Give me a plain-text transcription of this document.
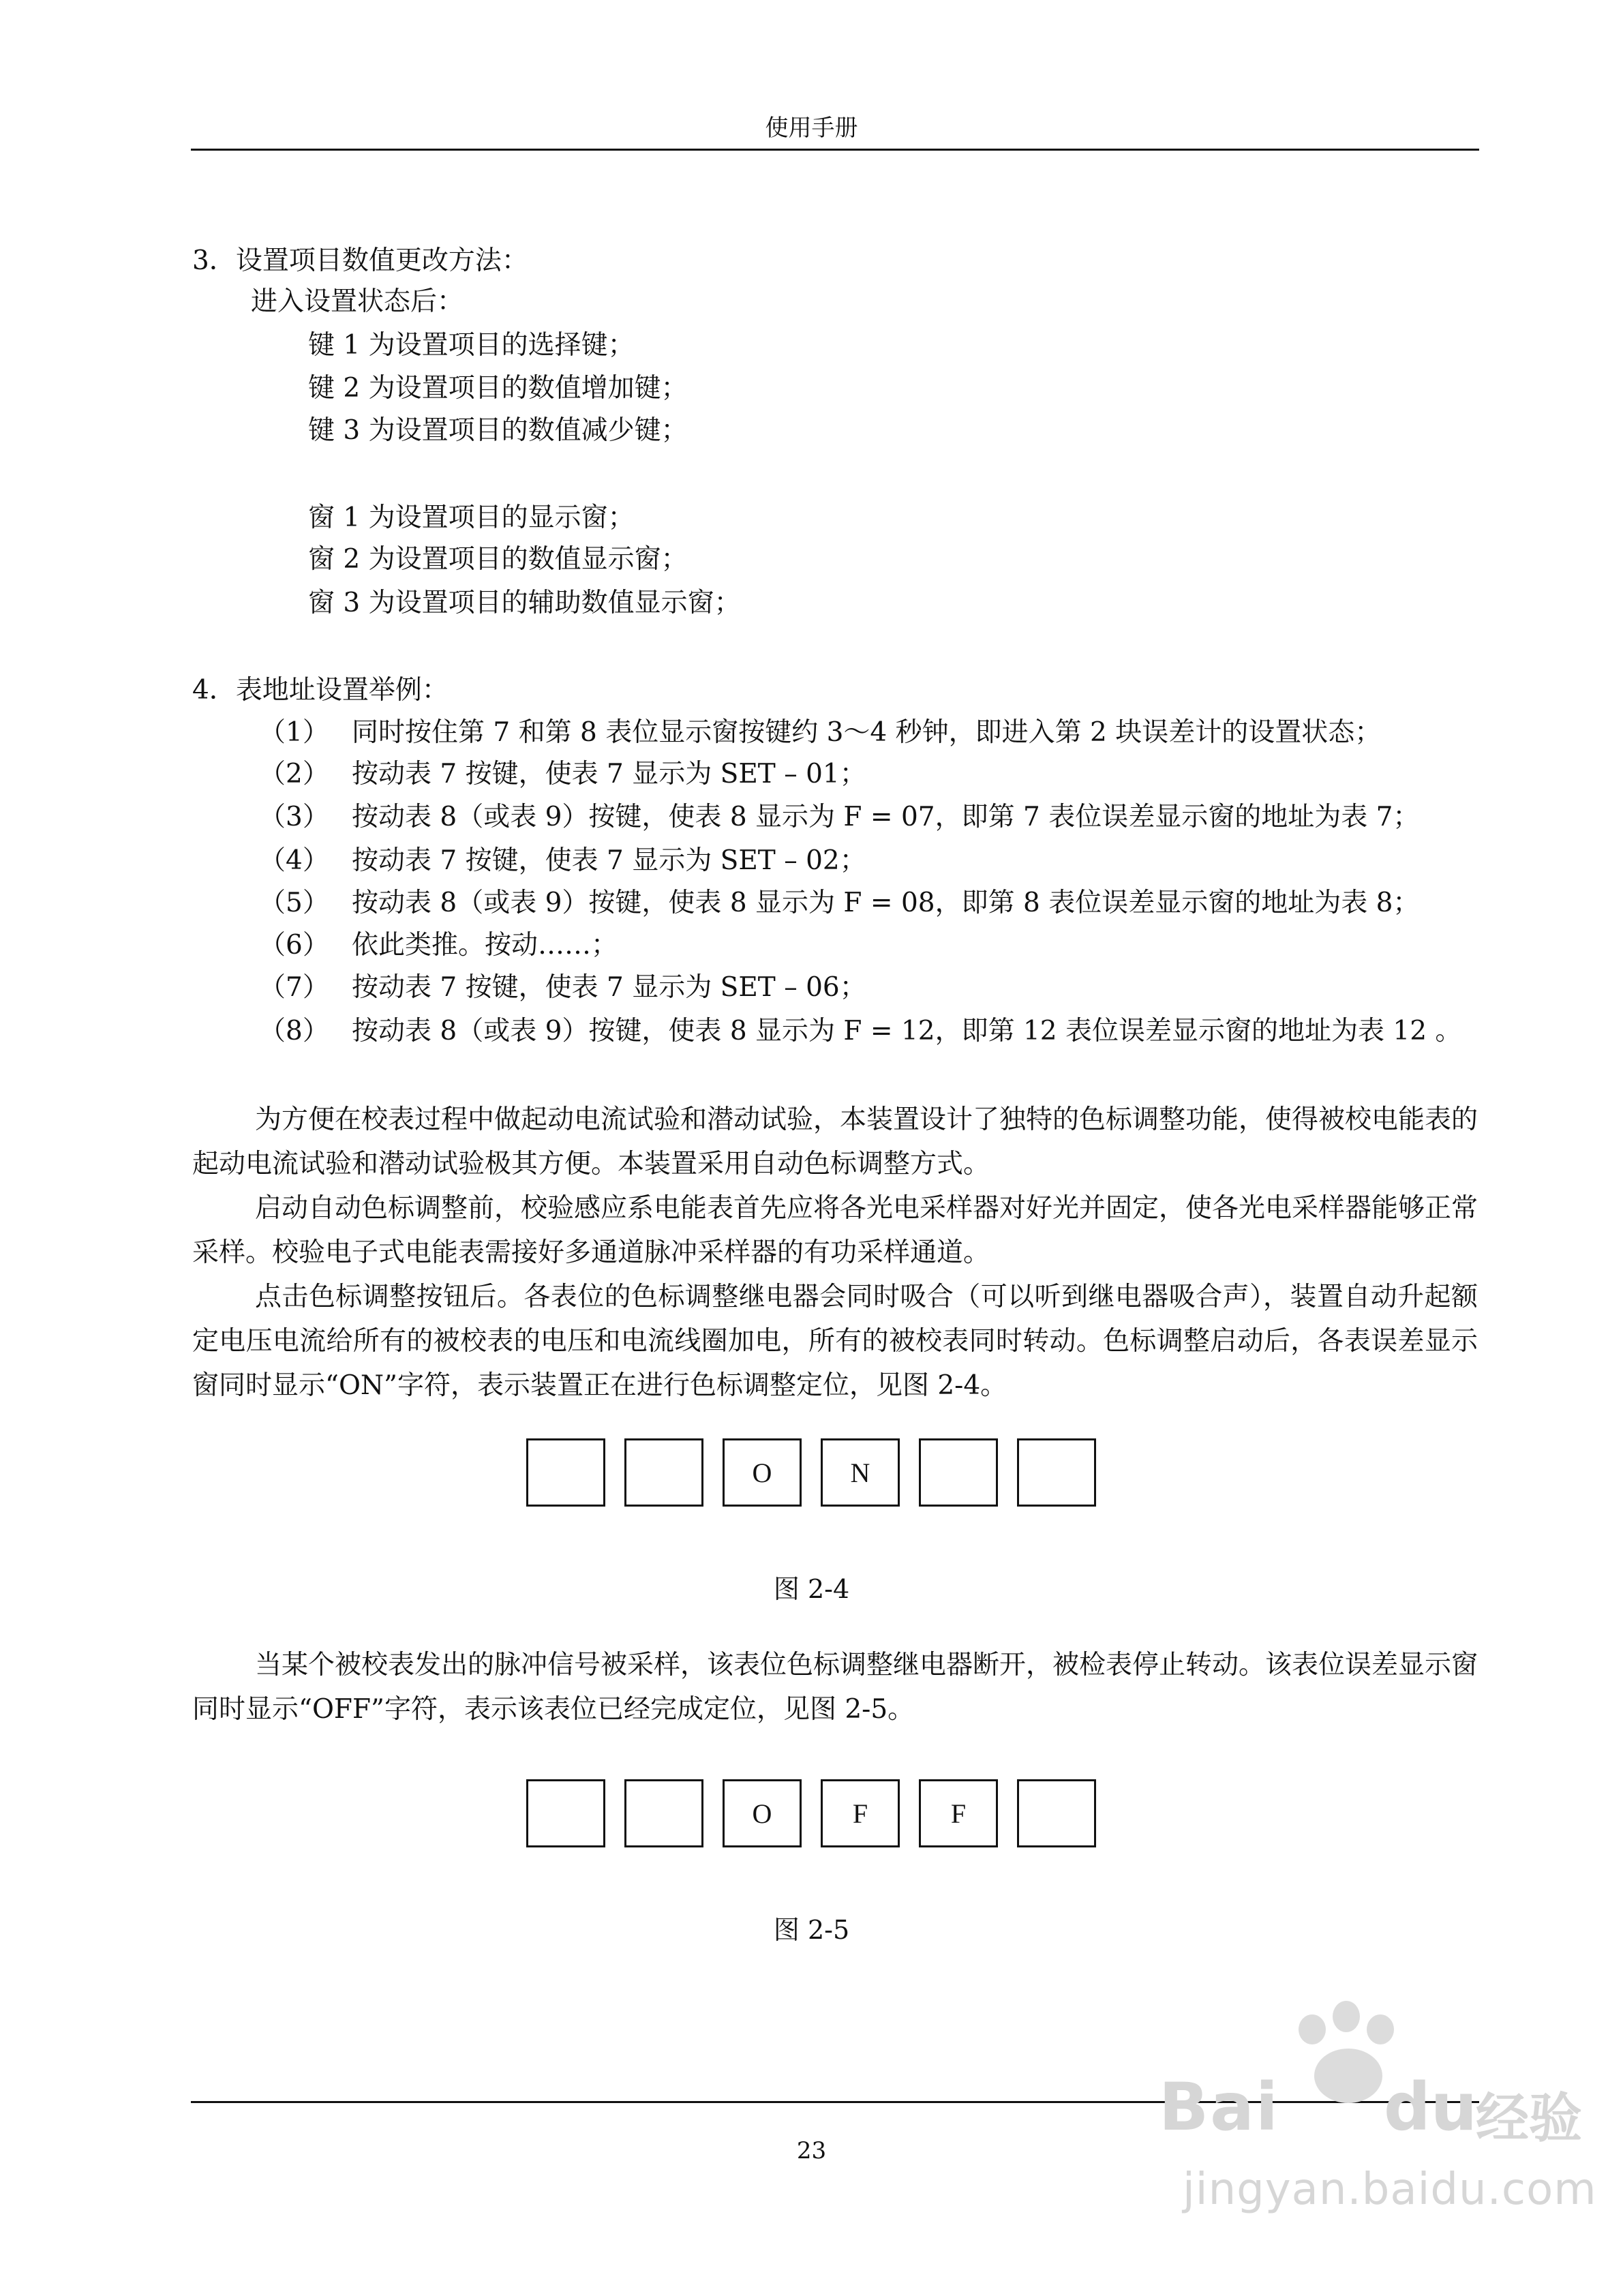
使用手册
3．设置项目数值更改方法：
进入设置状态后：
键 1 为设置项目的选择键；
键 2 为设置项目的数值增加键；
键 3 为设置项目的数值减少键；
窗 1 为设置项目的显示窗；
窗 2 为设置项目的数值显示窗；
窗 3 为设置项目的辅助数值显示窗；
4．表地址设置举例：
（1） 同时按住第 7 和第 8 表位显示窗按键约 3～4 秒钟，即进入第 2 块误差计的设置状态；
（2） 按动表 7 按键，使表 7 显示为 SET – 01；
（3） 按动表 8（或表 9）按键，使表 8 显示为 F = 07，即第 7 表位误差显示窗的地址为表 7；
（4） 按动表 7 按键，使表 7 显示为 SET – 02；
（5） 按动表 8（或表 9）按键，使表 8 显示为 F = 08，即第 8 表位误差显示窗的地址为表 8；
（6） 依此类推。按动……；
（7） 按动表 7 按键，使表 7 显示为 SET – 06；
（8） 按动表 8（或表 9）按键，使表 8 显示为 F = 12，即第 12 表位误差显示窗的地址为表 12 。

为方便在校表过程中做起动电流试验和潜动试验，本装置设计了独特的色标调整功能，使得被校电能表的起动电流试验和潜动试验极其方便。本装置采用自动色标调整方式。

启动自动色标调整前，校验感应系电能表首先应将各光电采样器对好光并固定，使各光电采样器能够正常采样。校验电子式电能表需接好多通道脉冲采样器的有功采样通道。

点击色标调整按钮后。各表位的色标调整继电器会同时吸合（可以听到继电器吸合声），装置自动升起额定电压电流给所有的被校表的电压和电流线圈加电，所有的被校表同时转动。色标调整启动后，各表误差显示窗同时显示“ON”字符，表示装置正在进行色标调整定位，见图 2-4。

O	N
图 2-4

当某个被校表发出的脉冲信号被采样，该表位色标调整继电器断开，被检表停止转动。该表位误差显示窗同时显示“OFF”字符，表示该表位已经完成定位，见图 2-5。

O	F	F
图 2-5
23
Bai du
经验
jingyan.baidu.com
